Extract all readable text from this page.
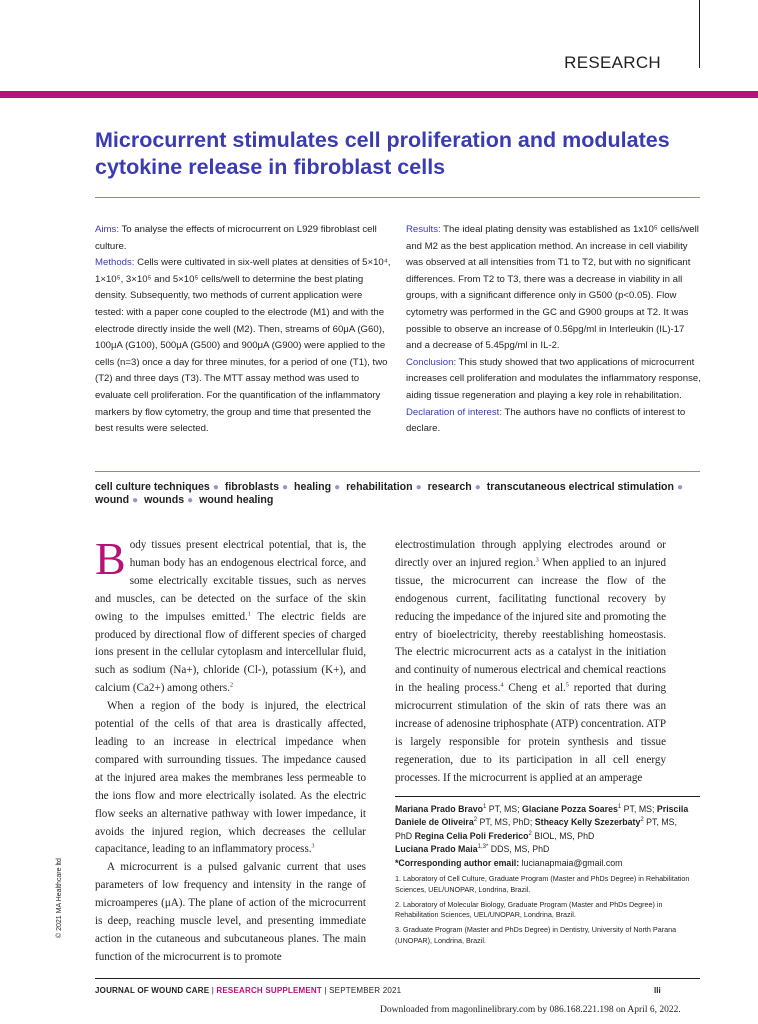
RESEARCH
Microcurrent stimulates cell proliferation and modulates cytokine release in fibroblast cells
Aims: To analyse the effects of microcurrent on L929 fibroblast cell culture.
Methods: Cells were cultivated in six-well plates at densities of 5×10⁴, 1×10⁵, 3×10⁵ and 5×10⁵ cells/well to determine the best plating density. Subsequently, two methods of current application were tested: with a paper cone coupled to the electrode (M1) and with the electrode directly inside the well (M2). Then, streams of 60μA (G60), 100μA (G100), 500μA (G500) and 900μA (G900) were applied to the cells (n=3) once a day for three minutes, for a period of one (T1), two (T2) and three days (T3). The MTT assay method was used to evaluate cell proliferation. For the quantification of the inflammatory markers by flow cytometry, the group and time that presented the best results were selected.
Results: The ideal plating density was established as 1x10⁵ cells/well and M2 as the best application method. An increase in cell viability was observed at all intensities from T1 to T2, but with no significant differences. From T2 to T3, there was a decrease in viability in all groups, with a significant difference only in G500 (p<0.05). Flow cytometry was performed in the GC and G900 groups at T2. It was possible to observe an increase of 0.56pg/ml in Interleukin (IL)-17 and a decrease of 5.45pg/ml in IL-2.
Conclusion: This study showed that two applications of microcurrent increases cell proliferation and modulates the inflammatory response, aiding tissue regeneration and playing a key role in rehabilitation.
Declaration of interest: The authors have no conflicts of interest to declare.
cell culture techniques ● fibroblasts ● healing ● rehabilitation ● research ● transcutaneous electrical stimulation ● wound ● wounds ● wound healing

Body tissues present electrical potential, that is, the human body has an endogenous electrical force, and some electrically excitable tissues, such as nerves and muscles, can be detected on the surface of the skin owing to the impulses emitted.$^1$ The electric fields are produced by directional flow of different species of charged ions present in the cellular cytoplasm and intercellular fluid, such as sodium (Na+), chloride (Cl-), potassium (K+), and calcium (Ca2+) among others.$^2$

When a region of the body is injured, the electrical potential of the cells of that area is drastically affected, leading to an increase in electrical impedance when compared with surrounding tissues. The impedance caused at the injured area makes the membranes less permeable to the ions flow and more electrically isolated. As the electric flow seeks an alternative pathway with lower impedance, it avoids the injured region, which decreases the cellular capacitance, leading to an inflammatory process.$^3$

A microcurrent is a pulsed galvanic current that uses parameters of low frequency and intensity in the range of microamperes (μA). The plane of action of the microcurrent is deep, reaching muscle level, and presenting immediate action in the cutaneous and subcutaneous planes. The main function of the microcurrent is to promote

electrostimulation through applying electrodes around or directly over an injured region.$^3$ When applied to an injured tissue, the microcurrent can increase the flow of the endogenous current, facilitating functional recovery by reducing the impedance of the injured site and promoting the entry of bioelectricity, thereby reestablishing homeostasis. The electric microcurrent acts as a catalyst in the initiation and continuity of numerous electrical and chemical reactions in the healing process.$^4$ Cheng et al.$^5$ reported that during microcurrent stimulation of the skin of rats there was an increase of adenosine triphosphate (ATP) concentration. ATP is largely responsible for protein synthesis and tissue regeneration, due to its participation in all cell energy processes. If the microcurrent is applied at an amperage

Mariana Prado Bravo$^1$ PT, MS; Glaciane Pozza Soares$^1$ PT, MS; Priscila Daniele de Oliveira$^2$ PT, MS, PhD; Stheacy Kelly Szezerbaty$^2$ PT, MS, PhD Regina Celia Poli Frederico$^2$ BIOL, MS, PhD
Luciana Prado Maia$^{1,3*}$ DDS, MS, PhD
*Corresponding author email: lucianapmaia@gmail.com
1. Laboratory of Cell Culture, Graduate Program (Master and PhDs Degree) in Rehabilitation Sciences, UEL/UNOPAR, Londrina, Brazil.
2. Laboratory of Molecular Biology, Graduate Program (Master and PhDs Degree) in Rehabilitation Sciences, UEL/UNOPAR, Londrina, Brazil.
3. Graduate Program (Master and PhDs Degree) in Dentistry, University of North Parana (UNOPAR), Londrina, Brazil.
© 2021 MA Healthcare ltd
JOURNAL OF WOUND CARE | RESEARCH SUPPLEMENT | SEPTEMBER 2021	lli
Downloaded from magonlinelibrary.com by 086.168.221.198 on April 6, 2022.
